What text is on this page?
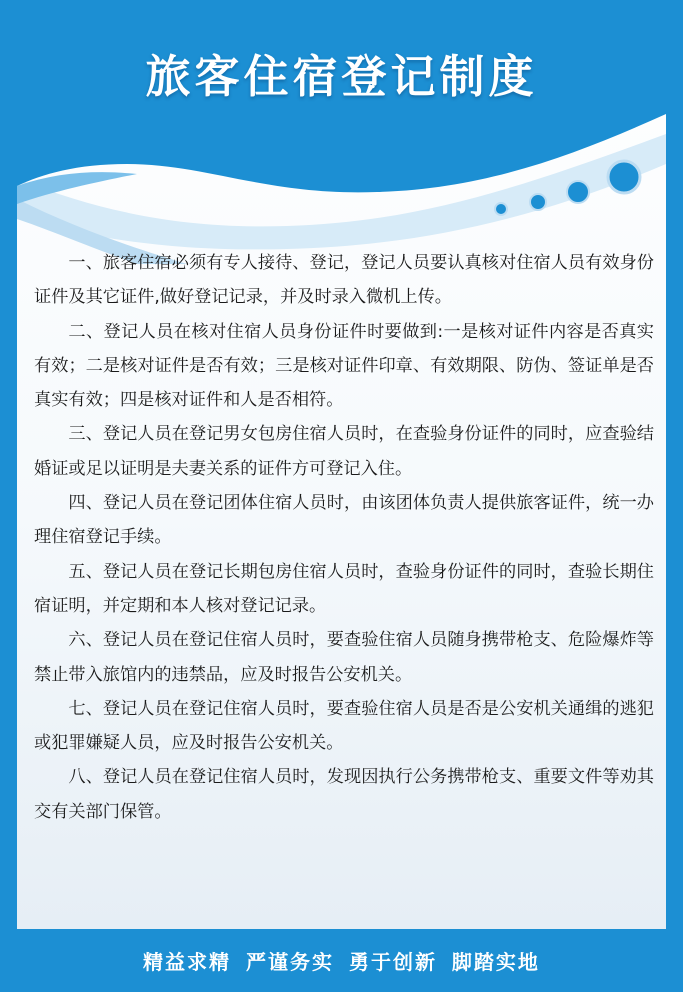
旅客住宿登记制度

一、旅客住宿必须有专人接待、登记，登记人员要认真核对住宿人员有效身份证件及其它证件,做好登记记录，并及时录入微机上传。

二、登记人员在核对住宿人员身份证件时要做到:一是核对证件内容是否真实有效；二是核对证件是否有效；三是核对证件印章、有效期限、防伪、签证单是否真实有效；四是核对证件和人是否相符。

三、登记人员在登记男女包房住宿人员时，在查验身份证件的同时，应查验结婚证或足以证明是夫妻关系的证件方可登记入住。

四、登记人员在登记团体住宿人员时，由该团体负责人提供旅客证件，统一办理住宿登记手续。

五、登记人员在登记长期包房住宿人员时，查验身份证件的同时，查验长期住宿证明，并定期和本人核对登记记录。

六、登记人员在登记住宿人员时，要查验住宿人员随身携带枪支、危险爆炸等禁止带入旅馆内的违禁品，应及时报告公安机关。

七、登记人员在登记住宿人员时，要查验住宿人员是否是公安机关通缉的逃犯或犯罪嫌疑人员，应及时报告公安机关。

八、登记人员在登记住宿人员时，发现因执行公务携带枪支、重要文件等劝其交有关部门保管。

精益求精 严谨务实 勇于创新 脚踏实地
